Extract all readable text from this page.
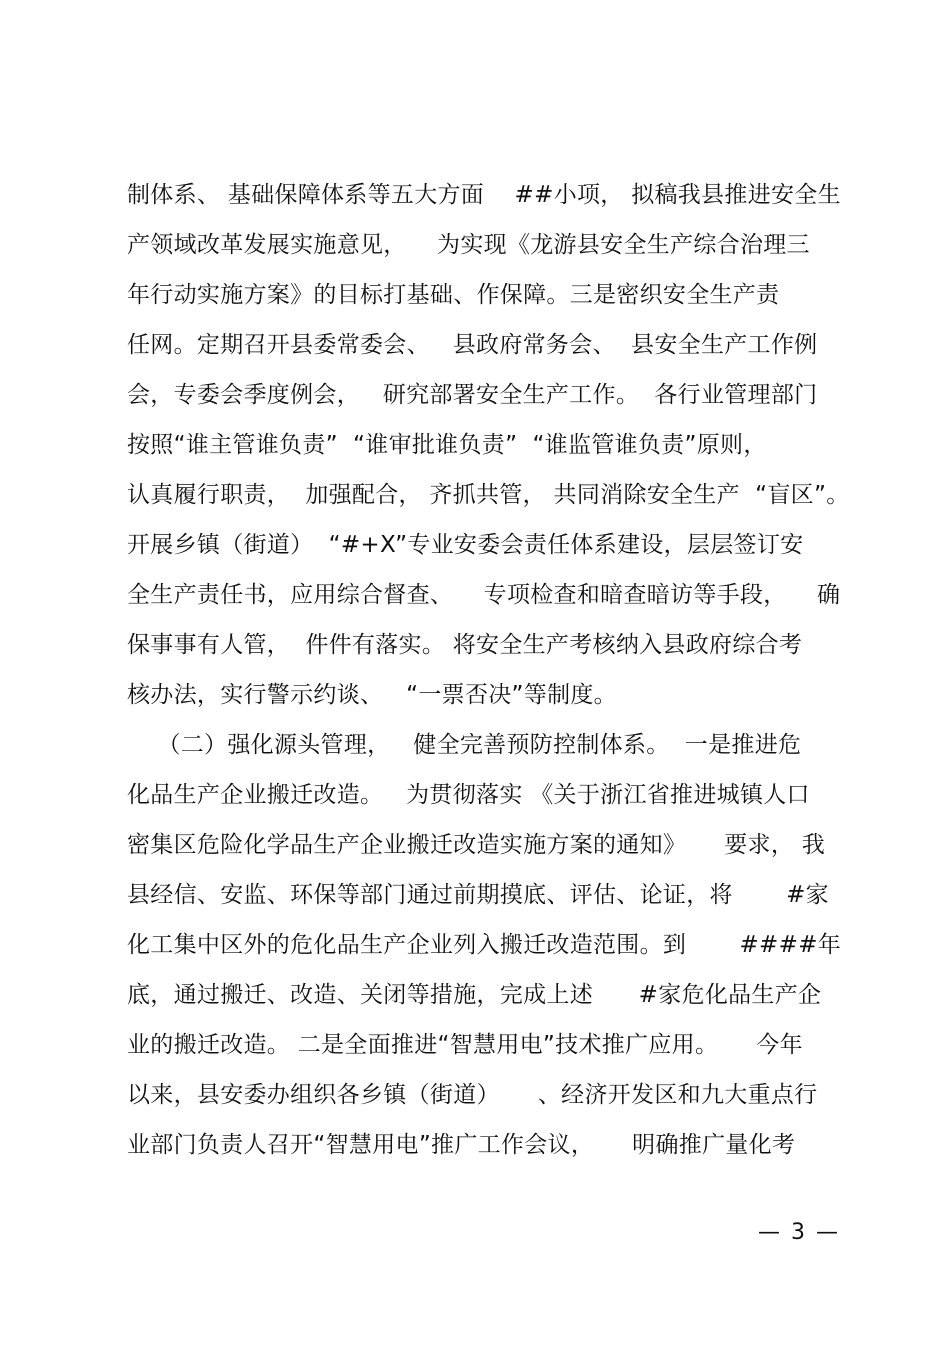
制体系、 基础保障体系等五大方面    ##小项， 拟稿我县推进安全生
产领域改革发展实施意见，    为实现《龙游县安全生产综合治理三
年行动实施方案》的目标打基础、作保障。三是密织安全生产责
任网。定期召开县委常委会、   县政府常务会、  县安全生产工作例
会，专委会季度例会，   研究部署安全生产工作。  各行业管理部门
按照“谁主管谁负责”  “谁审批谁负责”  “谁监管谁负责”原则，
认真履行职责，  加强配合， 齐抓共管， 共同消除安全生产  “盲区”。
开展乡镇（街道）  “#+X”专业安委会责任体系建设，层层签订安
全生产责任书，应用综合督查、    专项检查和暗查暗访等手段，    确
保事事有人管，  件件有落实。 将安全生产考核纳入县政府综合考
核办法，实行警示约谈、   “一票否决”等制度。
（二）强化源头管理，   健全完善预防控制体系。  一是推进危
化品生产企业搬迁改造。   为贯彻落实 《关于浙江省推进城镇人口
密集区危险化学品生产企业搬迁改造实施方案的通知》     要求， 我
县经信、安监、环保等部门通过前期摸底、评估、论证，将       #家
化工集中区外的危化品生产企业列入搬迁改造范围。到       ####年
底，通过搬迁、改造、关闭等措施，完成上述      #家危化品生产企
业的搬迁改造。 二是全面推进“智慧用电”技术推广应用。     今年
以来，县安委办组织各乡镇（街道）     、经济开发区和九大重点行
业部门负责人召开“智慧用电”推广工作会议，     明确推广量化考
— 3 —
